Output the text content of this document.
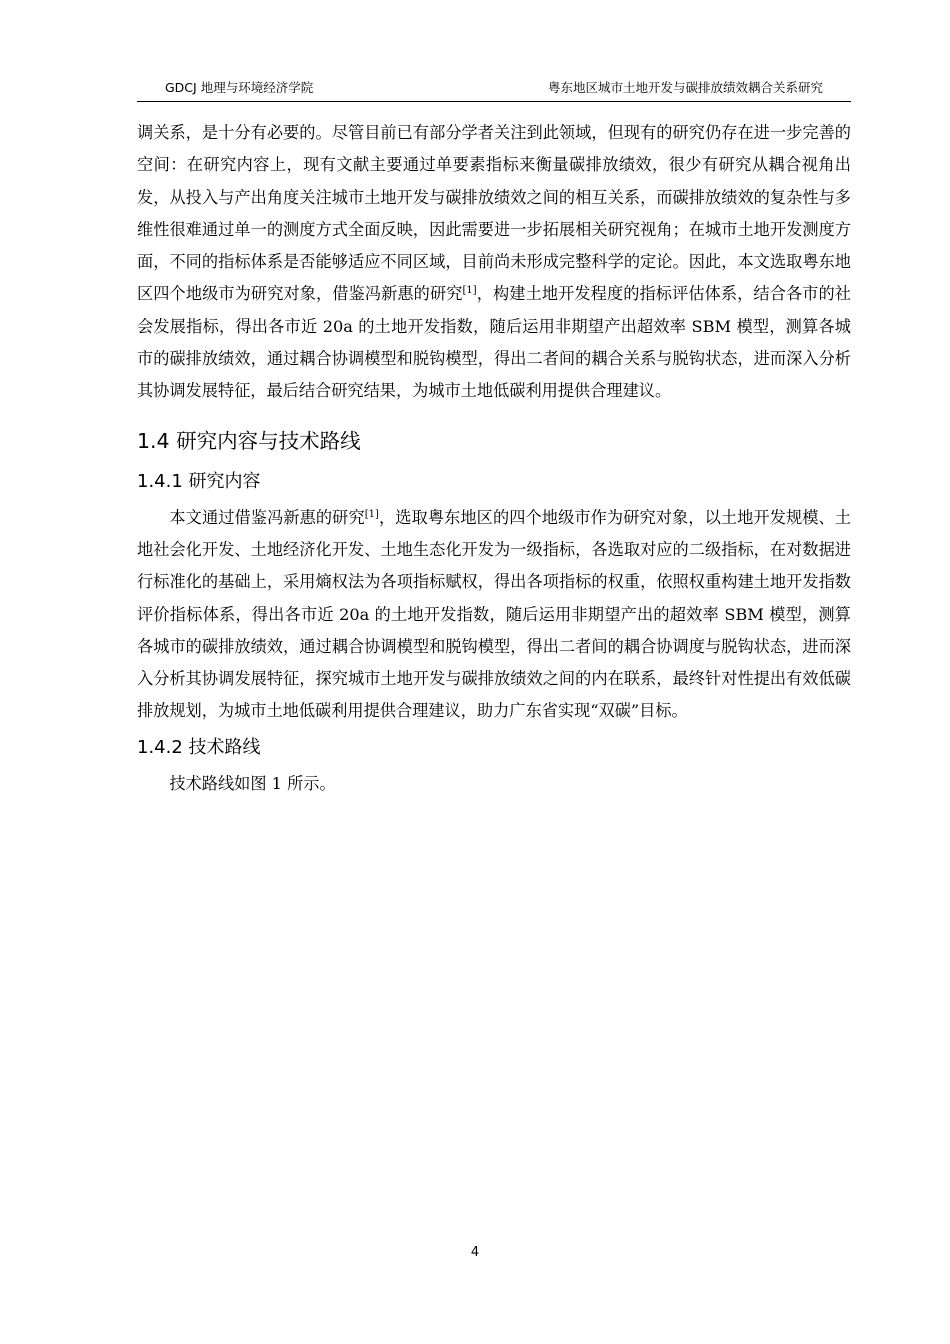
GDCJ 地理与环境经济学院	粤东地区城市土地开发与碳排放绩效耦合关系研究

调关系，是十分有必要的。尽管目前已有部分学者关注到此领域，但现有的研究仍存在进一步完善的空间：在研究内容上，现有文献主要通过单要素指标来衡量碳排放绩效，很少有研究从耦合视角出发，从投入与产出角度关注城市土地开发与碳排放绩效之间的相互关系，而碳排放绩效的复杂性与多维性很难通过单一的测度方式全面反映，因此需要进一步拓展相关研究视角；在城市土地开发测度方面，不同的指标体系是否能够适应不同区域，目前尚未形成完整科学的定论。因此，本文选取粤东地区四个地级市为研究对象，借鉴冯新惠的研究[1]，构建土地开发程度的指标评估体系，结合各市的社会发展指标，得出各市近 20a 的土地开发指数，随后运用非期望产出超效率 SBM 模型，测算各城市的碳排放绩效，通过耦合协调模型和脱钩模型，得出二者间的耦合关系与脱钩状态，进而深入分析其协调发展特征，最后结合研究结果，为城市土地低碳利用提供合理建议。

1.4 研究内容与技术路线
1.4.1 研究内容

本文通过借鉴冯新惠的研究[1]，选取粤东地区的四个地级市作为研究对象，以土地开发规模、土地社会化开发、土地经济化开发、土地生态化开发为一级指标，各选取对应的二级指标，在对数据进行标准化的基础上，采用熵权法为各项指标赋权，得出各项指标的权重，依照权重构建土地开发指数评价指标体系，得出各市近 20a 的土地开发指数，随后运用非期望产出的超效率 SBM 模型，测算各城市的碳排放绩效，通过耦合协调模型和脱钩模型，得出二者间的耦合协调度与脱钩状态，进而深入分析其协调发展特征，探究城市土地开发与碳排放绩效之间的内在联系，最终针对性提出有效低碳排放规划，为城市土地低碳利用提供合理建议，助力广东省实现“双碳”目标。

1.4.2 技术路线

技术路线如图 1 所示。

4
